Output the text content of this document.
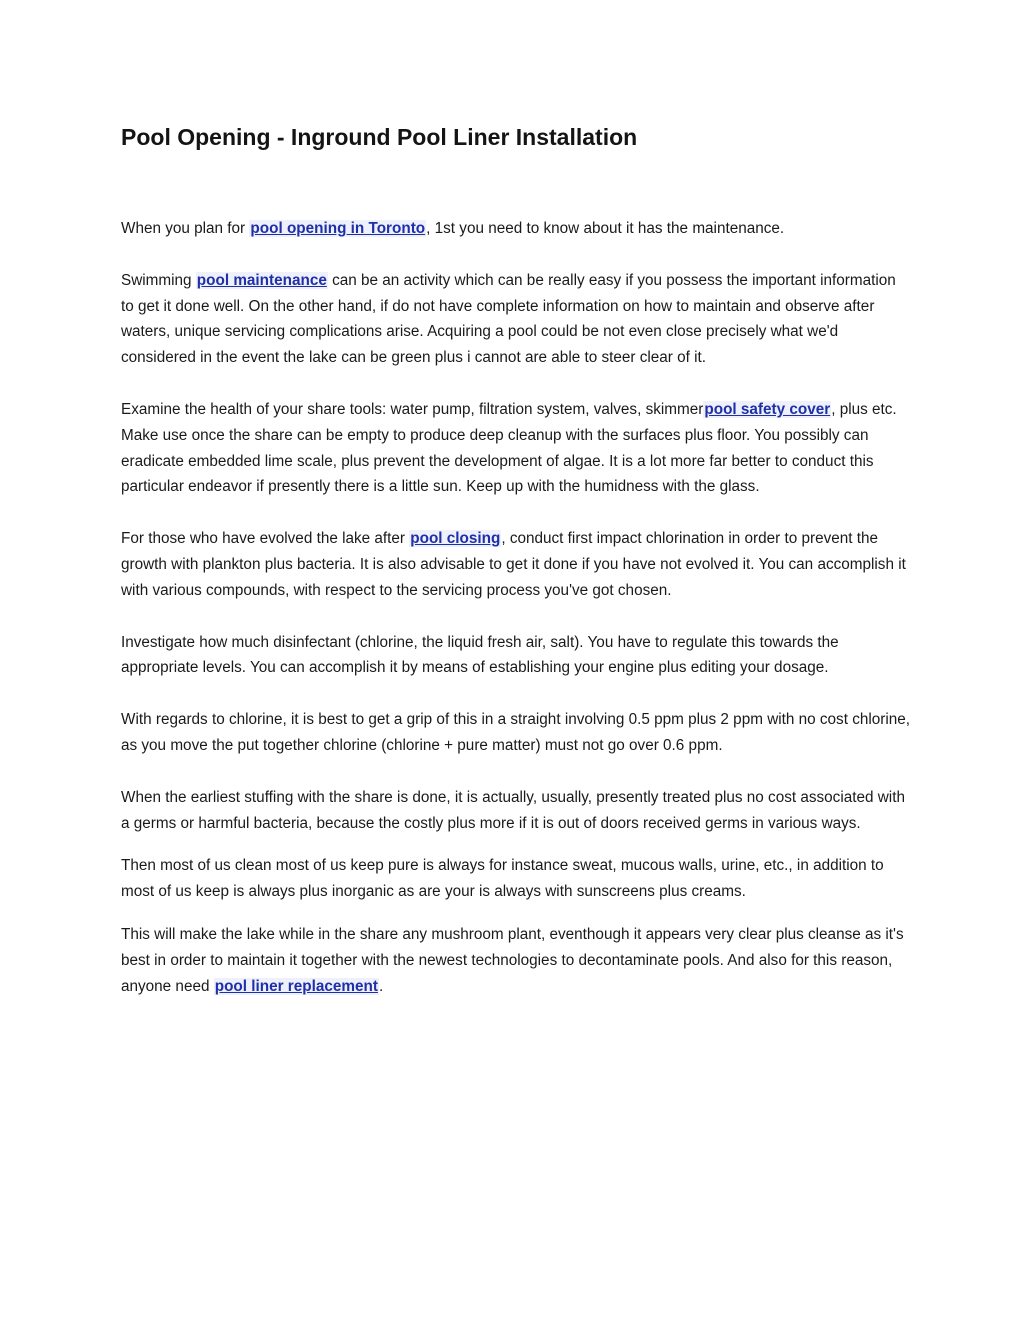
Pool Opening - Inground Pool Liner Installation

When you plan for pool opening in Toronto, 1st you need to know about it has the maintenance.

Swimming pool maintenance can be an activity which can be really easy if you possess the important information to get it done well. On the other hand, if do not have complete information on how to maintain and observe after waters, unique servicing complications arise. Acquiring a pool could be not even close precisely what we'd considered in the event the lake can be green plus i cannot are able to steer clear of it.

Examine the health of your share tools: water pump, filtration system, valves, skimmerpool safety cover, plus etc. Make use once the share can be empty to produce deep cleanup with the surfaces plus floor. You possibly can eradicate embedded lime scale, plus prevent the development of algae. It is a lot more far better to conduct this particular endeavor if presently there is a little sun. Keep up with the humidness with the glass.

For those who have evolved the lake after pool closing, conduct first impact chlorination in order to prevent the growth with plankton plus bacteria. It is also advisable to get it done if you have not evolved it. You can accomplish it with various compounds, with respect to the servicing process you've got chosen.

Investigate how much disinfectant (chlorine, the liquid fresh air, salt). You have to regulate this towards the appropriate levels. You can accomplish it by means of establishing your engine plus editing your dosage.

With regards to chlorine, it is best to get a grip of this in a straight involving 0.5 ppm plus 2 ppm with no cost chlorine, as you move the put together chlorine (chlorine + pure matter) must not go over 0.6 ppm.

When the earliest stuffing with the share is done, it is actually, usually, presently treated plus no cost associated with a germs or harmful bacteria, because the costly plus more if it is out of doors received germs in various ways.

Then most of us clean most of us keep pure is always for instance sweat, mucous walls, urine, etc., in addition to most of us keep is always plus inorganic as are your is always with sunscreens plus creams.

This will make the lake while in the share any mushroom plant, eventhough it appears very clear plus cleanse as it's best in order to maintain it together with the newest technologies to decontaminate pools. And also for this reason, anyone need pool liner replacement.
